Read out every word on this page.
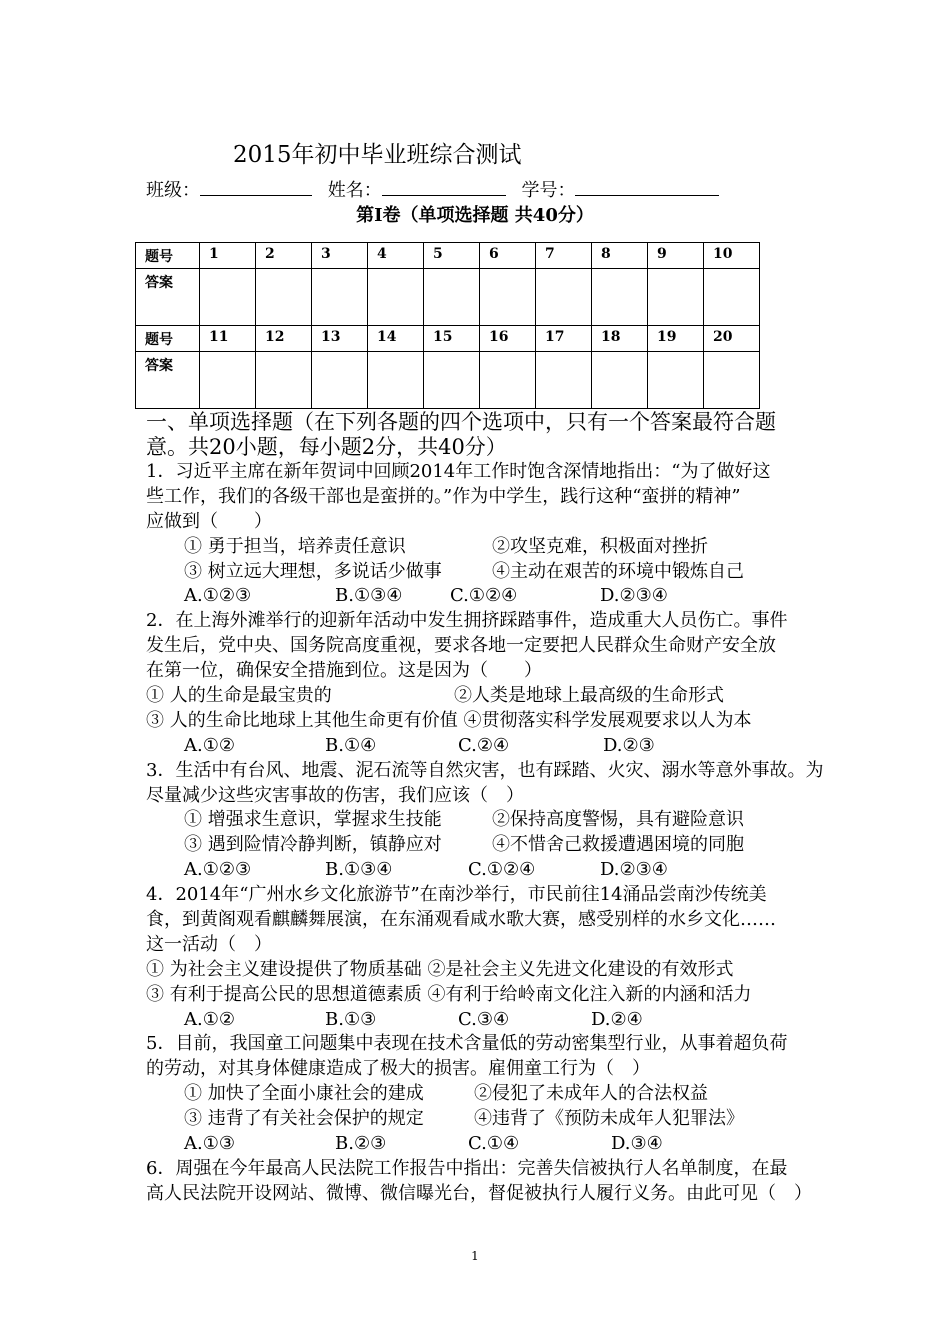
2015年初中毕业班综合测试
班级：	姓名：	学号：
第Ⅰ卷（单项选择题 共40分）
题号	1	2	3	4	5	6	7	8	9	10
答案										
题号	11	12	13	14	15	16	17	18	19	20
答案										
一、单项选择题（在下列各题的四个选项中，只有一个答案最符合题
意。共20小题，每小题2分，共40分）
1．习近平主席在新年贺词中回顾2014年工作时饱含深情地指出：“为了做好这
些工作，我们的各级干部也是蛮拼的。”作为中学生，践行这种“蛮拼的精神”
应做到（　　）
① 勇于担当，培养责任意识	②攻坚克难，积极面对挫折
③ 树立远大理想，多说话少做事	④主动在艰苦的环境中锻炼自己
A.①②③	B.①③④	C.①②④	D.②③④
2．在上海外滩举行的迎新年活动中发生拥挤踩踏事件，造成重大人员伤亡。事件
发生后，党中央、国务院高度重视，要求各地一定要把人民群众生命财产安全放
在第一位，确保安全措施到位。这是因为（　　）
① 人的生命是最宝贵的	②人类是地球上最高级的生命形式
③ 人的生命比地球上其他生命更有价值 ④贯彻落实科学发展观要求以人为本
A.①②	B.①④	C.②④	D.②③
3．生活中有台风、地震、泥石流等自然灾害，也有踩踏、火灾、溺水等意外事故。为
尽量减少这些灾害事故的伤害，我们应该（　）
① 增强求生意识，掌握求生技能	②保持高度警惕，具有避险意识
③ 遇到险情冷静判断，镇静应对	④不惜舍己救援遭遇困境的同胞
A.①②③	B.①③④	C.①②④	D.②③④
4．2014年“广州水乡文化旅游节”在南沙举行，市民前往14涌品尝南沙传统美
食，到黄阁观看麒麟舞展演，在东涌观看咸水歌大赛，感受别样的水乡文化……
这一活动（　）
① 为社会主义建设提供了物质基础 ②是社会主义先进文化建设的有效形式
③ 有利于提高公民的思想道德素质 ④有利于给岭南文化注入新的内涵和活力
A.①②	B.①③	C.③④	D.②④
5．目前，我国童工问题集中表现在技术含量低的劳动密集型行业，从事着超负荷
的劳动，对其身体健康造成了极大的损害。雇佣童工行为（　）
① 加快了全面小康社会的建成	②侵犯了未成年人的合法权益
③ 违背了有关社会保护的规定	④违背了《预防未成年人犯罪法》
A.①③	B.②③	C.①④	D.③④
6．周强在今年最高人民法院工作报告中指出：完善失信被执行人名单制度，在最
高人民法院开设网站、微博、微信曝光台，督促被执行人履行义务。由此可见（　）
1
